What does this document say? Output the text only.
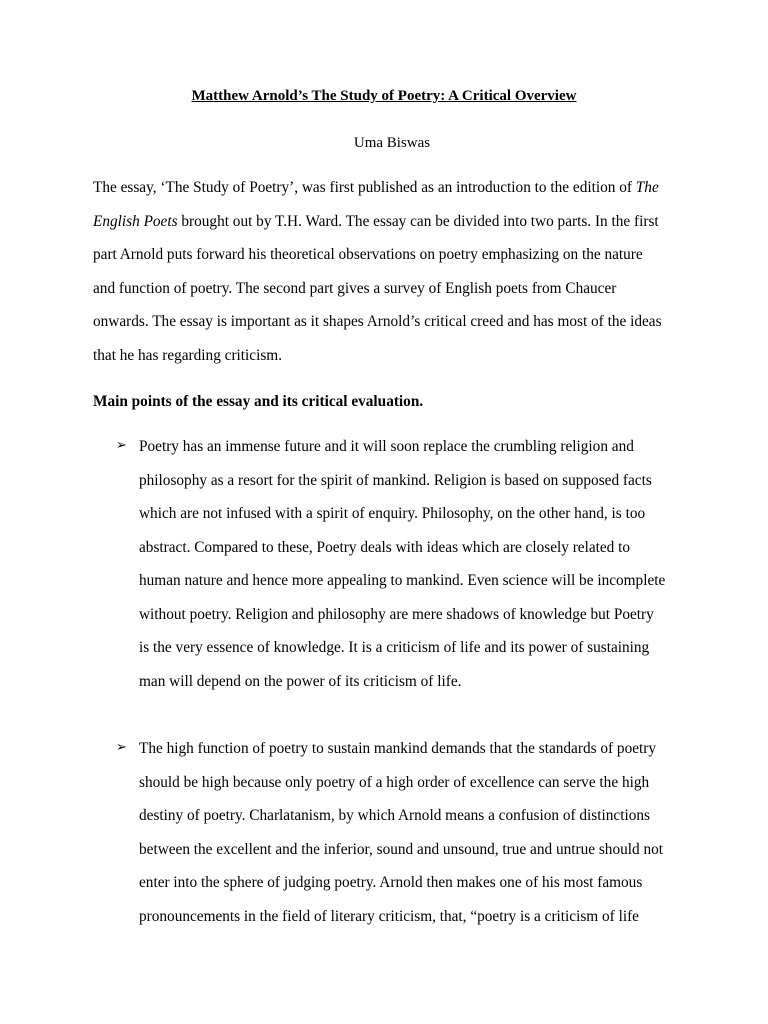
Matthew Arnold’s The Study of Poetry: A Critical Overview
Uma Biswas
The essay, ‘The Study of Poetry’, was first published as an introduction to the edition of The
English Poets brought out by T.H. Ward. The essay can be divided into two parts. In the first
part Arnold puts forward his theoretical observations on poetry emphasizing on the nature
and function of poetry. The second part gives a survey of English poets from Chaucer
onwards. The essay is important as it shapes Arnold’s critical creed and has most of the ideas
that he has regarding criticism.
Main points of the essay and its critical evaluation.
➢ Poetry has an immense future and it will soon replace the crumbling religion and
philosophy as a resort for the spirit of mankind. Religion is based on supposed facts
which are not infused with a spirit of enquiry. Philosophy, on the other hand, is too
abstract. Compared to these, Poetry deals with ideas which are closely related to
human nature and hence more appealing to mankind. Even science will be incomplete
without poetry. Religion and philosophy are mere shadows of knowledge but Poetry
is the very essence of knowledge. It is a criticism of life and its power of sustaining
man will depend on the power of its criticism of life.
➢ The high function of poetry to sustain mankind demands that the standards of poetry
should be high because only poetry of a high order of excellence can serve the high
destiny of poetry. Charlatanism, by which Arnold means a confusion of distinctions
between the excellent and the inferior, sound and unsound, true and untrue should not
enter into the sphere of judging poetry. Arnold then makes one of his most famous
pronouncements in the field of literary criticism, that, “poetry is a criticism of life
